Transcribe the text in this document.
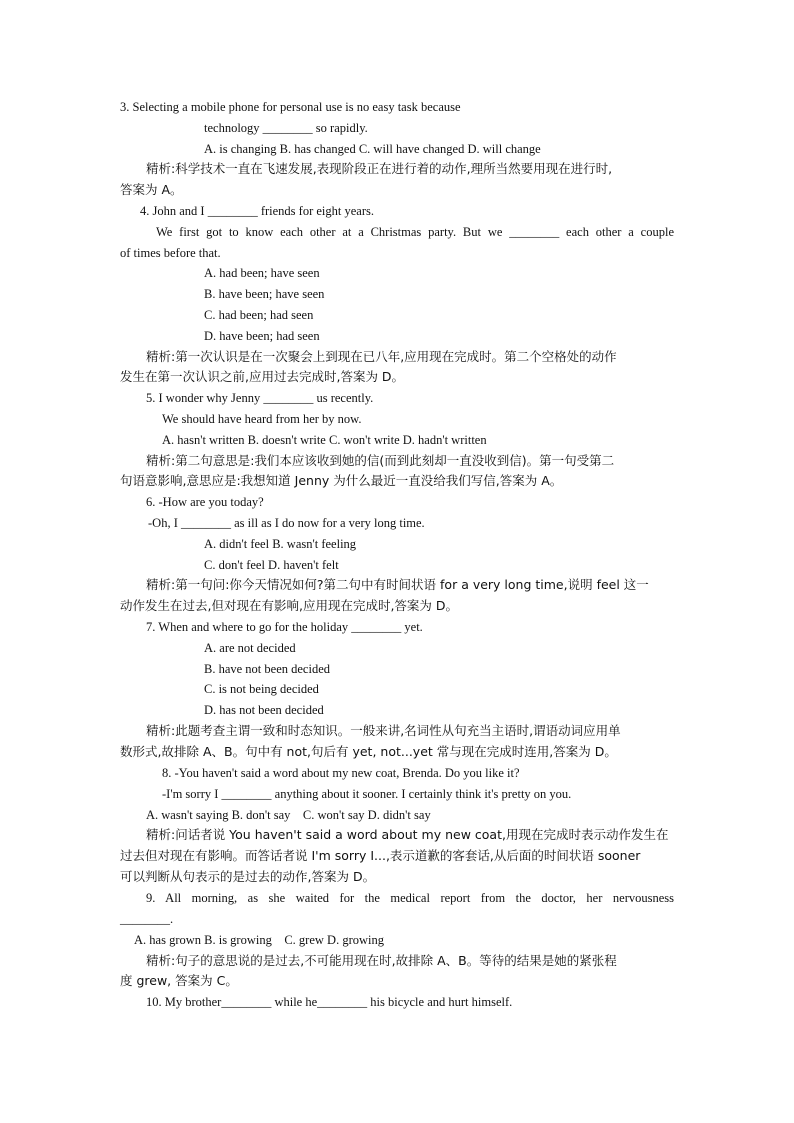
3. Selecting a mobile phone for personal use is no easy task because
technology ________ so rapidly.
A. is changing B. has changed C. will have changed D. will change
精析:科学技术一直在飞速发展,表现阶段正在进行着的动作,理所当然要用现在进行时,
答案为 A。
4. John and I ________ friends for eight years.
We first got to know each other at a Christmas party. But we ________ each other a couple
of times before that.
A. had been; have seen
B. have been; have seen
C. had been; had seen
D. have been; had seen
精析:第一次认识是在一次聚会上到现在已八年,应用现在完成时。第二个空格处的动作
发生在第一次认识之前,应用过去完成时,答案为 D。
5. I wonder why Jenny ________ us recently.
We should have heard from her by now.
A. hasn't written B. doesn't write C. won't write D. hadn't written
精析:第二句意思是:我们本应该收到她的信(而到此刻却一直没收到信)。第一句受第二
句语意影响,意思应是:我想知道 Jenny 为什么最近一直没给我们写信,答案为 A。
6. -How are you today?
-Oh, I ________ as ill as I do now for a very long time.
A. didn't feel B. wasn't feeling
C. don't feel D. haven't felt
精析:第一句问:你今天情况如何?第二句中有时间状语 for a very long time,说明 feel 这一
动作发生在过去,但对现在有影响,应用现在完成时,答案为 D。
7. When and where to go for the holiday ________ yet.
A. are not decided
B. have not been decided
C. is not being decided
D. has not been decided
精析:此题考查主谓一致和时态知识。一般来讲,名词性从句充当主语时,谓语动词应用单
数形式,故排除 A、B。句中有 not,句后有 yet, not...yet 常与现在完成时连用,答案为 D。
8. -You haven't said a word about my new coat, Brenda. Do you like it?
-I'm sorry I ________ anything about it sooner. I certainly think it's pretty on you.
A. wasn't saying B. don't say    C. won't say D. didn't say
精析:问话者说 You haven't said a word about my new coat,用现在完成时表示动作发生在
过去但对现在有影响。而答话者说 I'm sorry I...,表示道歉的客套话,从后面的时间状语 sooner
可以判断从句表示的是过去的动作,答案为 D。
9. All morning, as she waited for the medical report from the doctor, her nervousness
________.
A. has grown B. is growing    C. grew D. growing
精析:句子的意思说的是过去,不可能用现在时,故排除 A、B。等待的结果是她的紧张程
度 grew, 答案为 C。
10. My brother________ while he________ his bicycle and hurt himself.
